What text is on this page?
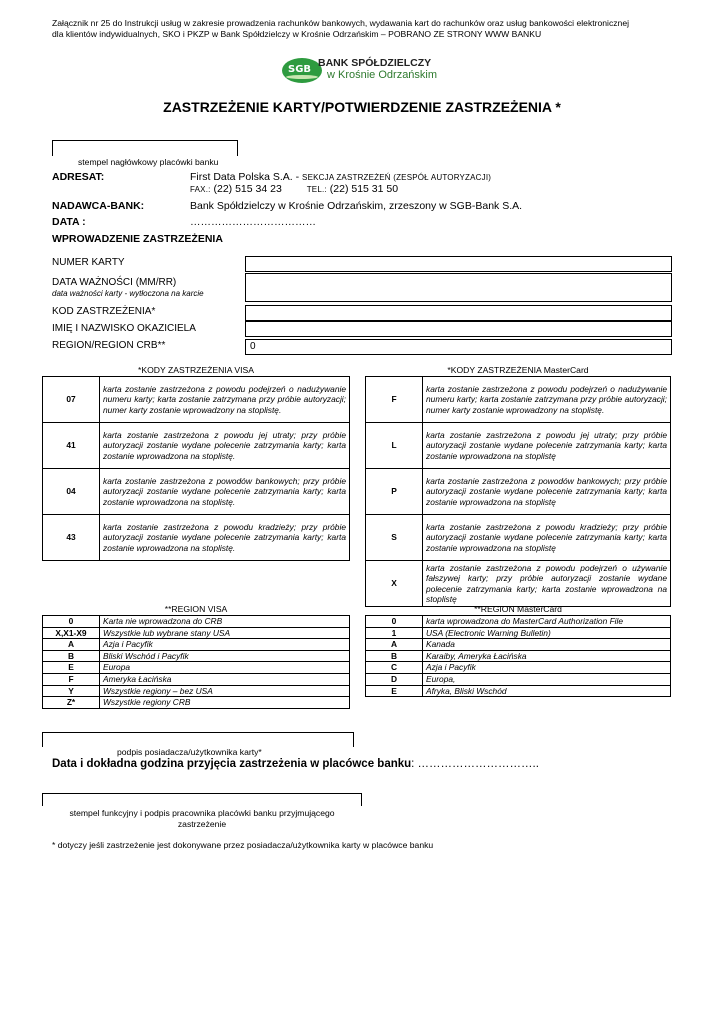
Załącznik nr 25 do Instrukcji usług w zakresie prowadzenia rachunków bankowych, wydawania kart do rachunków oraz usług bankowości elektronicznej
dla klientów indywidualnych, SKO i PKZP w Bank Spółdzielczy w Krośnie Odrzańskim – POBRANO ZE STRONY WWW BANKU
SGB
BANK SPÓŁDZIELCZY
w Krośnie Odrzańskim
ZASTRZEŻENIE KARTY/POTWIERDZENIE ZASTRZEŻENIA *
stempel nagłówkowy placówki banku
ADRESAT:	First Data Polska S.A. - SEKCJA ZASTRZEŻEŃ (ZESPÓŁ AUTORYZACJI)
FAX.: (22) 515 34 23	TEL.: (22) 515 31 50
NADAWCA-BANK:	Bank Spółdzielczy w Krośnie Odrzańskim, zrzeszony w SGB-Bank S.A.
DATA :	………………………………
WPROWADZENIE ZASTRZEŻENIA
NUMER KARTY
DATA WAŻNOŚCI (MM/RR)
data ważności karty - wytłoczona na karcie
KOD ZASTRZEŻENIA*
IMIĘ I NAZWISKO OKAZICIELA
REGION/REGION CRB**	0
*KODY ZASTRZEŻENIA VISA
07	karta zostanie zastrzeżona z powodu podejrzeń o nadużywanie numeru karty; karta zostanie zatrzymana przy próbie autoryzacji; numer karty zostanie wprowadzony na stoplistę.
41	karta zostanie zastrzeżona z powodu jej utraty; przy próbie autoryzacji zostanie wydane polecenie zatrzymania karty; karta zostanie wprowadzona na stoplistę.
04	karta zostanie zastrzeżona z powodów bankowych; przy próbie autoryzacji zostanie wydane polecenie zatrzymania karty; karta zostanie wprowadzona na stoplistę.
43	karta zostanie zastrzeżona z powodu kradzieży; przy próbie autoryzacji zostanie wydane polecenie zatrzymania karty; karta zostanie wprowadzona na stoplistę.
*KODY ZASTRZEŻENIA MasterCard
F	karta zostanie zastrzeżona z powodu podejrzeń o nadużywanie numeru karty; karta zostanie zatrzymana przy próbie autoryzacji; numer karty zostanie wprowadzony na stoplistę.
L	karta zostanie zastrzeżona z powodu jej utraty; przy próbie autoryzacji zostanie wydane polecenie zatrzymania karty; karta zostanie wprowadzona na stoplistę
P	karta zostanie zastrzeżona z powodów bankowych; przy próbie autoryzacji zostanie wydane polecenie zatrzymania karty; karta zostanie wprowadzona na stoplistę
S	karta zostanie zastrzeżona z powodu kradzieży; przy próbie autoryzacji zostanie wydane polecenie zatrzymania karty; karta zostanie wprowadzona na stoplistę
X	karta zostanie zastrzeżona z powodu podejrzeń o używanie fałszywej karty; przy próbie autoryzacji zostanie wydane polecenie zatrzymania karty; karta zostanie wprowadzona na stoplistę
**REGION VISA
0	Karta nie wprowadzona do CRB
X,X1-X9	Wszystkie lub wybrane stany USA
A	Azja i Pacyfik
B	Bliski Wschód i Pacyfik
E	Europa
F	Ameryka Łacińska
Y	Wszystkie regiony – bez USA
Z*	Wszystkie regiony CRB
**REGION MasterCard
0	karta wprowadzona do MasterCard Authorization File
1	USA (Electronic Warning Bulletin)
A	Kanada
B	Karaiby, Ameryka Łacińska
C	Azja i Pacyfik
D	Europa,
E	Afryka, Bliski Wschód
podpis posiadacza/użytkownika karty*
Data i dokładna godzina przyjęcia zastrzeżenia w placówce banku: …………………………..
stempel funkcyjny i podpis pracownika placówki banku przyjmującego
zastrzeżenie
* dotyczy jeśli zastrzeżenie jest dokonywane przez posiadacza/użytkownika karty w placówce banku
